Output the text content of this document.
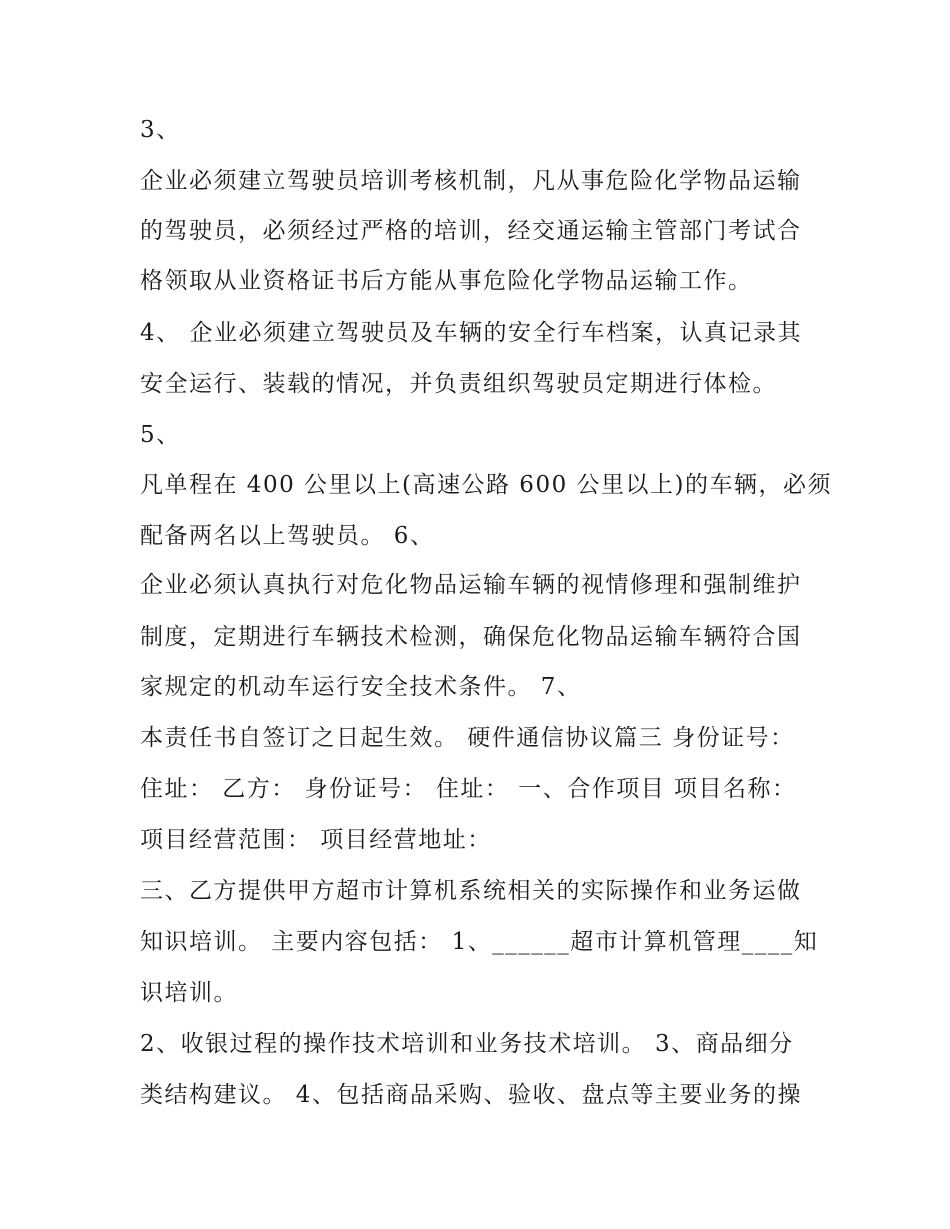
3、

企业必须建立驾驶员培训考核机制，凡从事危险化学物品运输

的驾驶员，必须经过严格的培训，经交通运输主管部门考试合

格领取从业资格证书后方能从事危险化学物品运输工作。

4、 企业必须建立驾驶员及车辆的安全行车档案，认真记录其

安全运行、装载的情况，并负责组织驾驶员定期进行体检。

5、

凡单程在 400 公里以上(高速公路 600 公里以上)的车辆，必须

配备两名以上驾驶员。 6、

企业必须认真执行对危化物品运输车辆的视情修理和强制维护

制度，定期进行车辆技术检测，确保危化物品运输车辆符合国

家规定的机动车运行安全技术条件。 7、

本责任书自签订之日起生效。 硬件通信协议篇三 身份证号：

住址： 乙方： 身份证号： 住址： 一、合作项目 项目名称：

项目经营范围： 项目经营地址：

三、乙方提供甲方超市计算机系统相关的实际操作和业务运做

知识培训。 主要内容包括： 1、______超市计算机管理____知

识培训。

2、收银过程的操作技术培训和业务技术培训。 3、商品细分

类结构建议。 4、包括商品采购、验收、盘点等主要业务的操
